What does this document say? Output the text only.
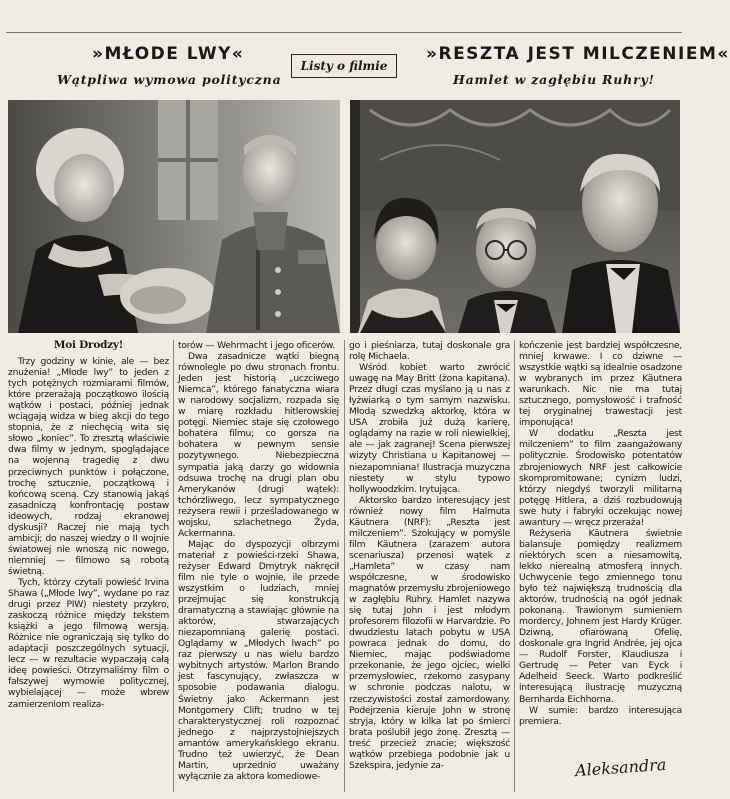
»MŁODE LWY«
Wątpliwa wymowa polityczna
Listy o filmie
»RESZTA JEST MILCZENIEM«
Hamlet w zagłębiu Ruhry!
Moi Drodzy!

Trzy godziny w kinie, ale — bez znużenia! „Młode lwy” to jeden z tych potężnych rozmiarami filmów, które przerażają początkowo ilością wątków i postaci, później jednak wciągają widza w bieg akcji do tego stopnia, że z niechęcią wita się słowo „koniec”. To zresztą właściwie dwa filmy w jednym, spoglądające na wojenną tragedię z dwu przeciwnych punktów i połączone, trochę sztucznie, początkową i końcową sceną. Czy stanowią jakąś zasadniczą konfrontację postaw ideowych, rodzaj ekranowej dyskusji? Raczej nie mają tych ambicji; do naszej wiedzy o II wojnie światowej nie wnoszą nic nowego, niemniej — filmowo są robotą świetną.

Tych, którzy czytali powieść Irvina Shawa („Młode lwy”, wydane po raz drugi przez PIW) niestety przykro, zaskoczą różnice między tekstem książki a jego filmową wersją. Różnice nie ograniczają się tylko do adaptacji poszczególnych sytuacji, lecz — w rezultacie wypaczają całą ideę powieści. Otrzymaliśmy film o fałszywej wymowie politycznej, wybielającej — może wbrew zamierzeniom realiza-

torów — Wehrmacht i jego oficerów.

Dwa zasadnicze wątki biegną równolegle po dwu stronach frontu. Jeden jest historią „uczciwego Niemca”, którego fanatyczna wiara w narodowy socjalizm, rozpada się w miarę rozkładu hitlerowskiej potęgi. Niemiec staje się czołowego bohatera filmu; co gorsza na bohatera w pewnym sensie pozytywnego. Niebezpieczna sympatia jaką darzy go widownia odsuwa trochę na drugi plan obu Amerykanów (drugi wątek): tchórzliwego, lecz sympatycznego reżysera rewii i prześladowanego w wojsku, szlachetnego Żyda, Ackermanna.

Mając do dyspozycji olbrzymi materiał z powieści-rzeki Shawa, reżyser Edward Dmytryk nakręcił film nie tyle o wojnie, ile przede wszystkim o ludziach, mniej przejmując się konstrukcją dramatyczną a stawiając głównie na aktorów, stwarzających niezapomnianą galerię postaci. Oglądamy w „Młodych lwach” po raz pierwszy u nas wielu bardzo wybitnych artystów. Marlon Brando jest fascynujący, zwłaszcza w sposobie podawania dialogu. Świetny jako Ackermann jest Montgomery Clift; trudno w tej charakterystycznej roli rozpoznać jednego z najprzystojniejszych amantów amerykańskiego ekranu. Trudno też uwierzyć, że Dean Martin, uprzednio uważany wyłącznie za aktora komediowe-

go i pieśniarza, tutaj doskonale gra rolę Michaela.

Wśród kobiet warto zwrócić uwagę na May Britt (żona kapitana). Przez długi czas myślano ją u nas z łyżwiarką o tym samym nazwisku. Młodą szwedzką aktorkę, która w USA zrobiła już dużą karierę, oglądamy na razie w roli niewielkiej, ale — jak zagranej! Scena pierwszej wizyty Christiana u Kapitanowej — niezapomniana! Ilustracja muzyczna niestety w stylu typowo hollywoodzkim. Irytująca.

Aktorsko bardzo interesujący jest również nowy film Halmuta Käutnera (NRF): „Reszta jest milczeniem”. Szokujący w pomyśle film Käutnera (zarazem autora scenariusza) przenosi wątek z „Hamleta” w czasy nam współczesne, w środowisko magnatów przemysłu zbrojeniowego w zagłębiu Ruhry. Hamlet nazywa się tutaj John i jest młodym profesorem filozofii w Harvardzie. Po dwudziestu latach pobytu w USA powraca jednak do domu, do Niemiec, mając podświadome przekonanie, że jego ojciec, wielki przemysłowiec, rzekomo zasypany w schronie podczas nalotu, w rzeczywistości został zamordowany. Podejrzenia kieruje John w stronę stryja, który w kilka lat po śmierci brata poślubił jego żonę. Zresztą — treść przecież znacie; większość wątków przebiega podobnie jak u Szekspira, jedynie za-

kończenie jest bardziej współczesne, mniej krwawe. I co dziwne — wszystkie wątki są idealnie osadzone w wybranych im przez Käutnera warunkach. Nic nie ma tutaj sztucznego, pomysłowość i trafność tej oryginalnej trawestacji jest imponująca!

W dodatku „Reszta jest milczeniem” to film zaangażowany politycznie. Środowisko potentatów zbrojeniowych NRF jest całkowicie skompromitowane; cynizm ludzi, którzy niegdyś tworzyli militarną potęgę Hitlera, a dziś rozbudowują swe huty i fabryki oczekując nowej awantury — wręcz przeraża!

Reżyseria Käutnera świetnie balansuje pomiędzy realizmem niektórych scen a niesamowitą, lekko nierealną atmosferą innych. Uchwycenie tego zmiennego tonu było też największą trudnością dla aktorów, trudnością na ogół jednak pokonaną. Trawionym sumieniem mordercy, Johnem jest Hardy Krüger. Dziwną, ofiarowaną Ofelię, doskonale gra Ingrid Andrée, jej ojca — Rudolf Forster, Klaudiusza i Gertrudę — Peter van Eyck i Adelheid Seeck. Warto podkreślić interesującą ilustrację muzyczną Bernharda Eichhorna.

W sumie: bardzo interesująca premiera.

Aleksandra
